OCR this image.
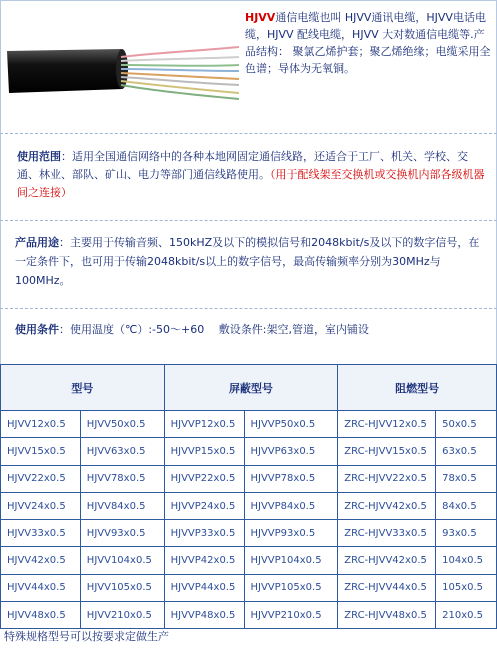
HJVV通信电缆也叫 HJVV通讯电缆，HJVV电话电缆，HJVV 配线电缆，HJVV 大对数通信电缆等.产品结构： 聚氯乙烯护套；聚乙烯绝缘；电缆采用全色谱；导体为无氧铜。
使用范围：适用全国通信网络中的各种本地网固定通信线路，还适合于工厂、机关、学校、交通、林业、部队、矿山、电力等部门通信线路使用。（用于配线架至交换机或交换机内部各级机器间之连接）
产品用途：主要用于传输音频、150kHZ及以下的模拟信号和2048kbit/s及以下的数字信号，在一定条件下，也可用于传输2048kbit/s以上的数字信号，最高传输频率分别为30MHz与100MHz。
使用条件：使用温度（℃）:-50～+60　 敷设条件:架空,管道，室内铺设
型号		屏蔽型号		阻燃型号	
HJVV12x0.5	HJVV50x0.5	HJVVP12x0.5	HJVVP50x0.5	ZRC-HJVV12x0.5	50x0.5
HJVV15x0.5	HJVV63x0.5	HJVVP15x0.5	HJVVP63x0.5	ZRC-HJVV15x0.5	63x0.5
HJVV22x0.5	HJVV78x0.5	HJVVP22x0.5	HJVVP78x0.5	ZRC-HJVV22x0.5	78x0.5
HJVV24x0.5	HJVV84x0.5	HJVVP24x0.5	HJVVP84x0.5	ZRC-HJVV42x0.5	84x0.5
HJVV33x0.5	HJVV93x0.5	HJVVP33x0.5	HJVVP93x0.5	ZRC-HJVV33x0.5	93x0.5
HJVV42x0.5	HJVV104x0.5	HJVVP42x0.5	HJVVP104x0.5	ZRC-HJVV42x0.5	104x0.5
HJVV44x0.5	HJVV105x0.5	HJVVP44x0.5	HJVVP105x0.5	ZRC-HJVV44x0.5	105x0.5
HJVV48x0.5	HJVV210x0.5	HJVVP48x0.5	HJVVP210x0.5	ZRC-HJVV48x0.5	210x0.5
特殊规格型号可以按要求定做生产
